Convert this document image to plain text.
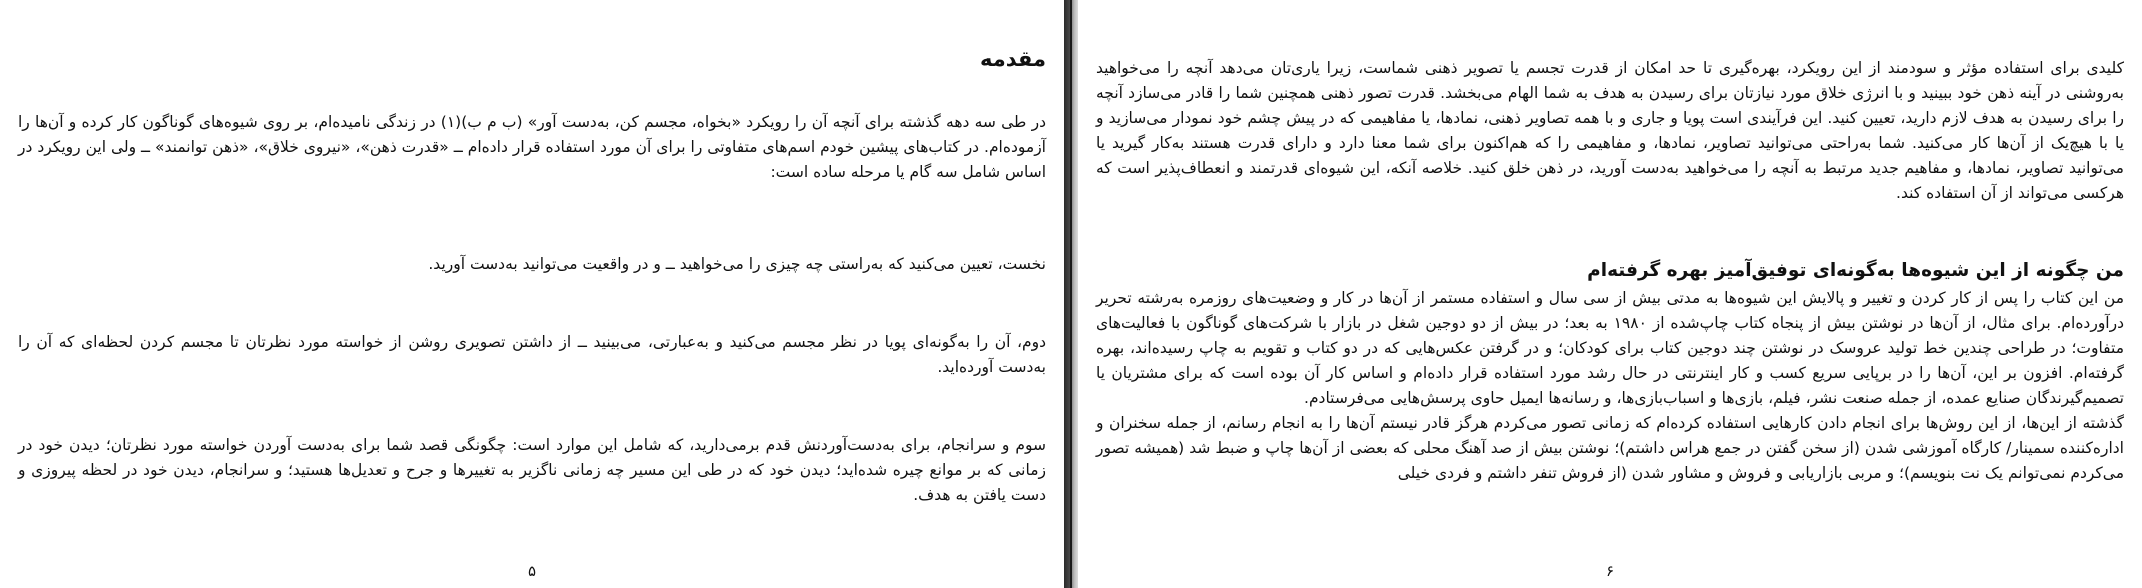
مقدمه

در طی سه دهه گذشته برای آنچه آن را رویکرد «بخواه، مجسم کن، به‌دست آور» (ب م ب)(۱) در زندگی نامیده‌ام، بر روی شیوه‌های گوناگون کار کرده و آن‌ها را آزموده‌ام. در کتاب‌های پیشین خودم اسم‌های متفاوتی را برای آن مورد استفاده قرار داده‌ام ــ «قدرت ذهن»، «نیروی خلاق»، «ذهن توانمند» ــ ولی این رویکرد در اساس شامل سه گام یا مرحله ساده است:

نخست، تعیین می‌کنید که به‌راستی چه چیزی را می‌خواهید ــ و در واقعیت می‌توانید به‌دست آورید.

دوم، آن را به‌گونه‌ای پویا در نظر مجسم می‌کنید و به‌عبارتی، می‌بینید ــ از داشتن تصویری روشن از خواسته مورد نظرتان تا مجسم کردن لحظه‌ای که آن را به‌دست آورده‌اید.

سوم و سرانجام، برای به‌دست‌آوردنش قدم برمی‌دارید، که شامل این موارد است: چگونگی قصد شما برای به‌دست آوردن خواسته مورد نظرتان؛ دیدن خود در زمانی که بر موانع چیره شده‌اید؛ دیدن خود که در طی این مسیر چه زمانی ناگزیر به تغییرها و جرح و تعدیل‌ها هستید؛ و سرانجام، دیدن خود در لحظه پیروزی و دست یافتن به هدف.

۵

کلیدی برای استفاده مؤثر و سودمند از این رویکرد، بهره‌گیری تا حد امکان از قدرت تجسم یا تصویر ذهنی شماست، زیرا یاری‌تان می‌دهد آنچه را می‌خواهید به‌روشنی در آینه ذهن خود ببینید و با انرژی خلاق مورد نیازتان برای رسیدن به هدف به شما الهام می‌بخشد. قدرت تصور ذهنی همچنین شما را قادر می‌سازد آنچه را برای رسیدن به هدف لازم دارید، تعیین کنید. این فرآیندی است پویا و جاری و با همه تصاویر ذهنی، نمادها، یا مفاهیمی که در پیش چشم خود نمودار می‌سازید و یا با هیچ‌یک از آن‌ها کار می‌کنید. شما به‌راحتی می‌توانید تصاویر، نمادها، و مفاهیمی را که هم‌اکنون برای شما معنا دارد و دارای قدرت هستند به‌کار گیرید یا می‌توانید تصاویر، نمادها، و مفاهیم جدید مرتبط به آنچه را می‌خواهید به‌دست آورید، در ذهن خلق کنید. خلاصه آنکه، این شیوه‌ای قدرتمند و انعطاف‌پذیر است که هرکسی می‌تواند از آن استفاده کند.

من چگونه از این شیوه‌ها به‌گونه‌ای توفیق‌آمیز بهره گرفته‌ام

من این کتاب را پس از کار کردن و تغییر و پالایش این شیوه‌ها به مدتی بیش از سی سال و استفاده مستمر از آن‌ها در کار و وضعیت‌های روزمره به‌رشته تحریر درآورده‌ام. برای مثال، از آن‌ها در نوشتن بیش از پنجاه کتاب چاپ‌شده از ۱۹۸۰ به بعد؛ در بیش از دو دوجین شغل در بازار با شرکت‌های گوناگون با فعالیت‌های متفاوت؛ در طراحی چندین خط تولید عروسک در نوشتن چند دوجین کتاب برای کودکان؛ و در گرفتن عکس‌هایی که در دو کتاب و تقویم به چاپ رسیده‌اند، بهره گرفته‌ام. افزون بر این، آن‌ها را در برپایی سریع کسب و کار اینترنتی در حال رشد مورد استفاده قرار داده‌ام و اساس کار آن بوده است که برای مشتریان یا تصمیم‌گیرندگان صنایع عمده، از جمله صنعت نشر، فیلم، بازی‌ها و اسباب‌بازی‌ها، و رسانه‌ها ایمیل حاوی پرسش‌هایی می‌فرستادم.

گذشته از این‌ها، از این روش‌ها برای انجام دادن کارهایی استفاده کرده‌ام که زمانی تصور می‌کردم هرگز قادر نیستم آن‌ها را به انجام رسانم، از جمله سخنران و اداره‌کننده سمینار/ کارگاه آموزشی شدن (از سخن گفتن در جمع هراس داشتم)؛ نوشتن بیش از صد آهنگ محلی که بعضی از آن‌ها چاپ و ضبط شد (همیشه تصور می‌کردم نمی‌توانم یک نت بنویسم)؛ و مربی بازاریابی و فروش و مشاور شدن (از فروش تنفر داشتم و فردی خیلی

۶
